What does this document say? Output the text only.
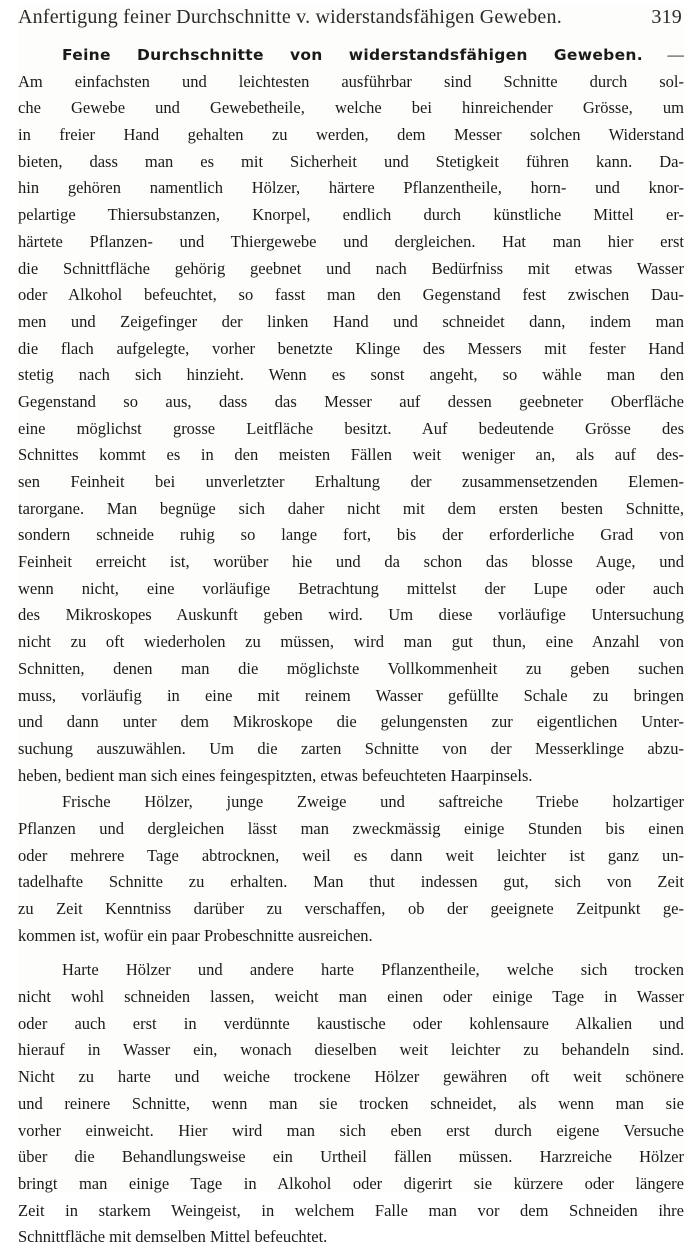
Anfertigung feiner Durchschnitte v. widerstandsfähigen Geweben.	319
Feine Durchschnitte von widerstandsfähigen Geweben. —
Am einfachsten und leichtesten ausführbar sind Schnitte durch sol-
che Gewebe und Gewebetheile, welche bei hinreichender Grösse, um
in freier Hand gehalten zu werden, dem Messer solchen Widerstand
bieten, dass man es mit Sicherheit und Stetigkeit führen kann. Da-
hin gehören namentlich Hölzer, härtere Pflanzentheile, horn- und knor-
pelartige Thiersubstanzen, Knorpel, endlich durch künstliche Mittel er-
härtete Pflanzen- und Thiergewebe und dergleichen. Hat man hier erst
die Schnittfläche gehörig geebnet und nach Bedürfniss mit etwas Wasser
oder Alkohol befeuchtet, so fasst man den Gegenstand fest zwischen Dau-
men und Zeigefinger der linken Hand und schneidet dann, indem man
die flach aufgelegte, vorher benetzte Klinge des Messers mit fester Hand
stetig nach sich hinzieht. Wenn es sonst angeht, so wähle man den
Gegenstand so aus, dass das Messer auf dessen geebneter Oberfläche
eine möglichst grosse Leitfläche besitzt. Auf bedeutende Grösse des
Schnittes kommt es in den meisten Fällen weit weniger an, als auf des-
sen Feinheit bei unverletzter Erhaltung der zusammensetzenden Elemen-
tarorgane. Man begnüge sich daher nicht mit dem ersten besten Schnitte,
sondern schneide ruhig so lange fort, bis der erforderliche Grad von
Feinheit erreicht ist, worüber hie und da schon das blosse Auge, und
wenn nicht, eine vorläufige Betrachtung mittelst der Lupe oder auch
des Mikroskopes Auskunft geben wird. Um diese vorläufige Untersuchung
nicht zu oft wiederholen zu müssen, wird man gut thun, eine Anzahl von
Schnitten, denen man die möglichste Vollkommenheit zu geben suchen
muss, vorläufig in eine mit reinem Wasser gefüllte Schale zu bringen
und dann unter dem Mikroskope die gelungensten zur eigentlichen Unter-
suchung auszuwählen. Um die zarten Schnitte von der Messerklinge abzu-
heben, bedient man sich eines feingespitzten, etwas befeuchteten Haarpinsels.
Frische Hölzer, junge Zweige und saftreiche Triebe holzartiger
Pflanzen und dergleichen lässt man zweckmässig einige Stunden bis einen
oder mehrere Tage abtrocknen, weil es dann weit leichter ist ganz un-
tadelhafte Schnitte zu erhalten. Man thut indessen gut, sich von Zeit
zu Zeit Kenntniss darüber zu verschaffen, ob der geeignete Zeitpunkt ge-
kommen ist, wofür ein paar Probeschnitte ausreichen.
Harte Hölzer und andere harte Pflanzentheile, welche sich trocken
nicht wohl schneiden lassen, weicht man einen oder einige Tage in Wasser
oder auch erst in verdünnte kaustische oder kohlensaure Alkalien und
hierauf in Wasser ein, wonach dieselben weit leichter zu behandeln sind.
Nicht zu harte und weiche trockene Hölzer gewähren oft weit schönere
und reinere Schnitte, wenn man sie trocken schneidet, als wenn man sie
vorher einweicht. Hier wird man sich eben erst durch eigene Versuche
über die Behandlungsweise ein Urtheil fällen müssen. Harzreiche Hölzer
bringt man einige Tage in Alkohol oder digerirt sie kürzere oder längere
Zeit in starkem Weingeist, in welchem Falle man vor dem Schneiden ihre
Schnittfläche mit demselben Mittel befeuchtet.
